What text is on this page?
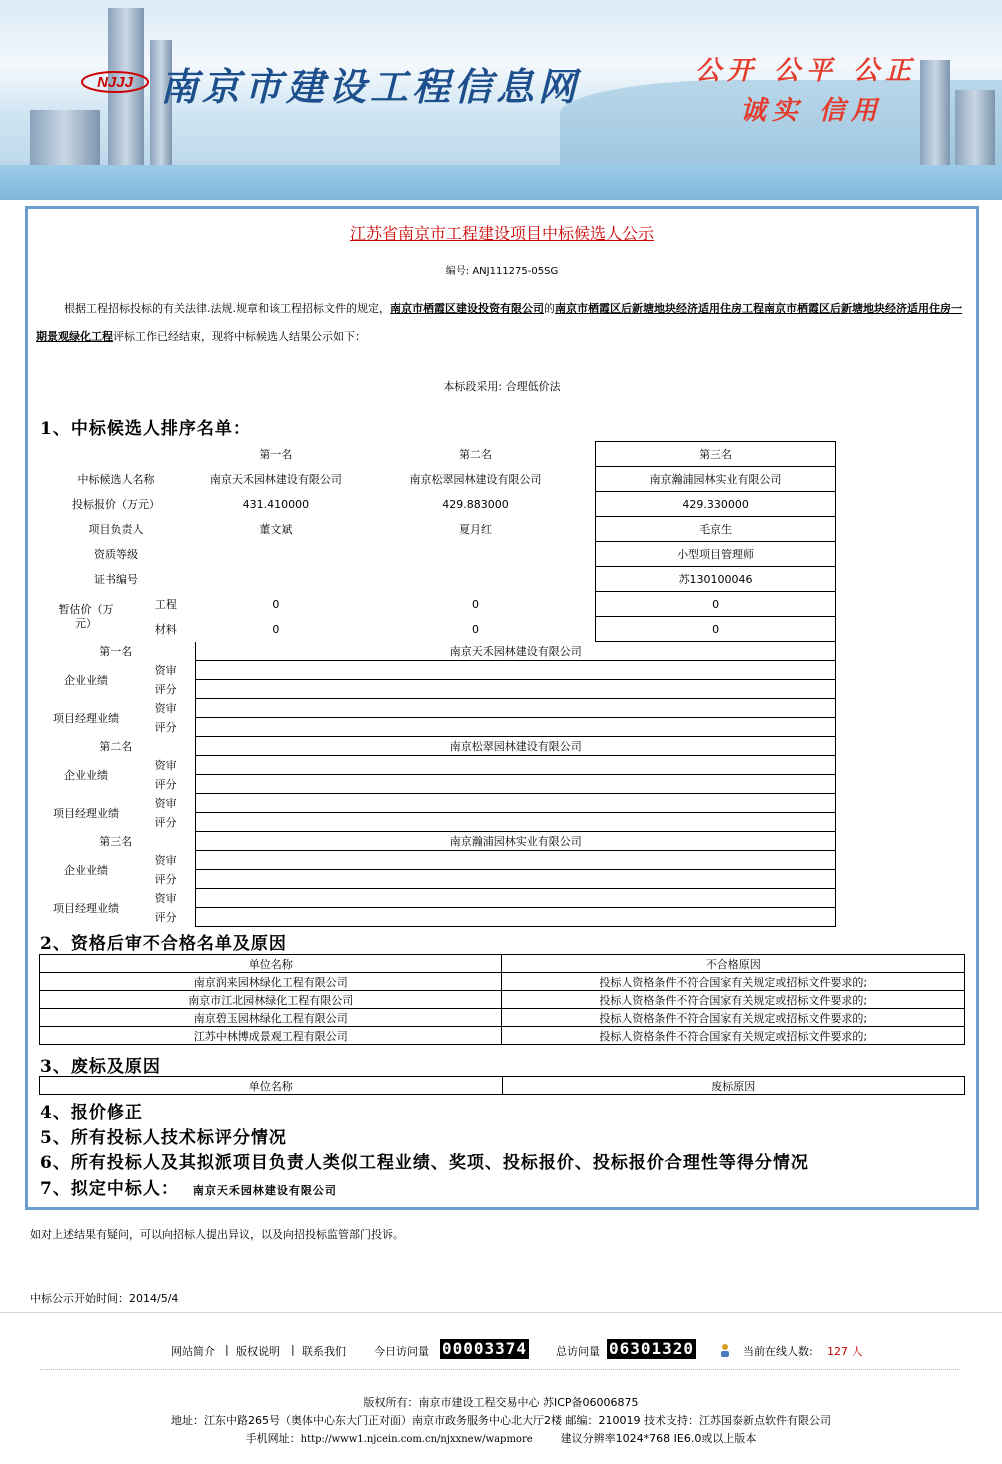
NJJJ 南京市建设工程信息网	公开 公平 公正
诚实 信用
江苏省南京市工程建设项目中标候选人公示
编号: ANJ111275-05SG
根据工程招标投标的有关法律.法规.规章和该工程招标文件的规定，南京市栖霞区建设投资有限公司的南京市栖霞区后新塘地块经济适用住房工程南京市栖霞区后新塘地块经济适用住房一期景观绿化工程评标工作已经结束，现将中标候选人结果公示如下：
本标段采用: 合理低价法
1、中标候选人排序名单：
		第一名	第二名	第三名
中标候选人名称		南京天禾园林建设有限公司	南京松翠园林建设有限公司	南京瀚浦园林实业有限公司
投标报价（万元）		431.410000	429.883000	429.330000
项目负责人		董文斌	夏月红	毛京生
资质等级				小型项目管理师
证书编号				苏130100046
暂估价（万元）	工程	0	0	0
	材料	0	0	0
第一名		南京天禾园林建设有限公司		
企业业绩	资审			
	评分			
项目经理业绩	资审			
	评分			
第二名		南京松翠园林建设有限公司		
企业业绩	资审			
	评分			
项目经理业绩	资审			
	评分			
第三名		南京瀚浦园林实业有限公司		
企业业绩	资审			
	评分			
项目经理业绩	资审			
	评分			
2、资格后审不合格名单及原因
单位名称	不合格原因
南京润来园林绿化工程有限公司	投标人资格条件不符合国家有关规定或招标文件要求的;
南京市江北园林绿化工程有限公司	投标人资格条件不符合国家有关规定或招标文件要求的;
南京碧玉园林绿化工程有限公司	投标人资格条件不符合国家有关规定或招标文件要求的;
江苏中林博成景观工程有限公司	投标人资格条件不符合国家有关规定或招标文件要求的;
3、废标及原因
单位名称	废标原因
4、报价修正
5、所有投标人技术标评分情况
6、所有投标人及其拟派项目负责人类似工程业绩、奖项、投标报价、投标报价合理性等得分情况
7、拟定中标人： 南京天禾园林建设有限公司
如对上述结果有疑问，可以向招标人提出异议，以及向招投标监管部门投诉。
中标公示开始时间：2014/5/4
网站简介 | 版权说明 | 联系我们	今日访问量 00003374	总访问量 06301320	当前在线人数: 127 人
版权所有：南京市建设工程交易中心 苏ICP备06006875
地址：江东中路265号（奥体中心东大门正对面）南京市政务服务中心北大厅2楼 邮编：210019 技术支持：江苏国泰新点软件有限公司
手机网址：http://www1.njcein.com.cn/njxxnew/wapmore	建议分辨率1024*768 IE6.0或以上版本
